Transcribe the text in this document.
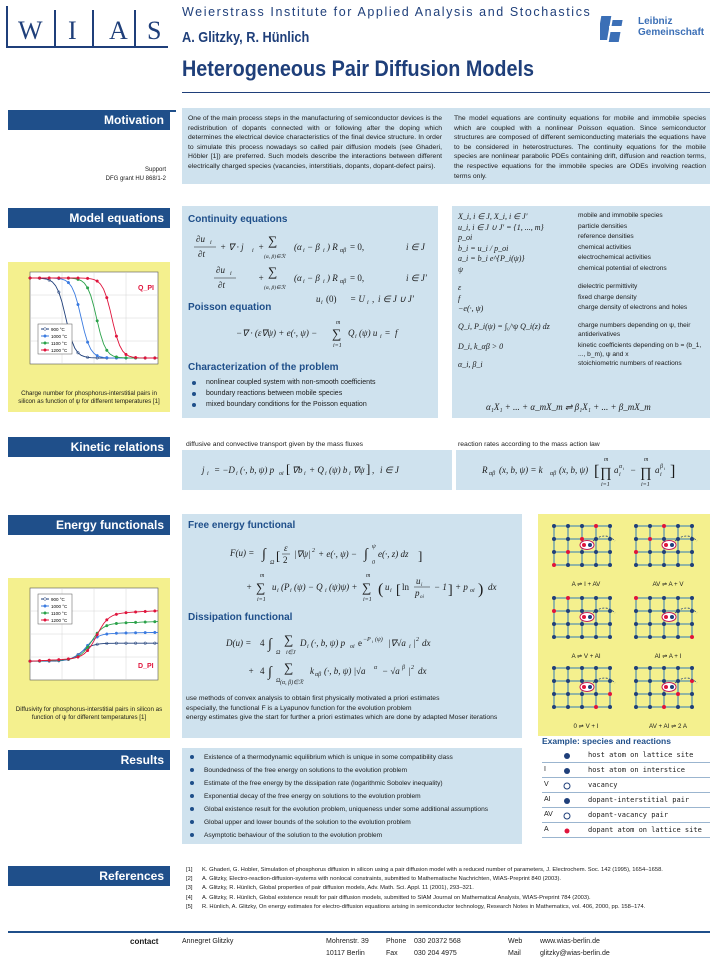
W I A S
Weierstrass Institute for Applied Analysis and Stochastics
A. Glitzky, R. Hünlich
Heterogeneous Pair Diffusion Models
Leibniz
Gemeinschaft
Motivation	One of the main process steps in the manufacturing of semiconductor devices is the redistribution of dopants connected with or following after the doping which determines the electrical device characteristics of the final device structure. In order to simulate this process nowadays so called pair diffusion models (see Ghaderi, Höbler [1]) are preferred. Such models describe the interactions between different electrically charged species (vacancies, interstitials, dopants, dopant-defect pairs).
The model equations are continuity equations for mobile and immobile species which are coupled with a nonlinear Poisson equation. Since semiconductor structures are composed of different semiconducting materials the equations have to be considered in heterostructures. The continuity equations for the mobile species are nonlinear parabolic PDEs containing drift, diffusion and reaction terms, the respective equations for the immobile species are ODEs involving reaction terms only.
Support
DFG grant HU 868/1-2
Model equations	Continuity equations
∂u i
∂t
+ ∇ · j i + ∑
(α, β)∈ℛ
(α i − β i ) R αβ = 0,	i ∈ J
∂u i
∂t
+ ∑
(α, β)∈ℛ
(α i − β i ) R αβ = 0,	i ∈ J′
u i (0) = U i , i ∈ J ∪ J′
Poisson equation
−∇ · (ε∇ψ) + e(·, ψ) −
m
∑
i=1
Q i (ψ) u i = f
Characterization of the problem
nonlinear coupled system with non-smooth coefficients
boundary reactions between mobile species
mixed boundary conditions for the Poisson equation
X_i, i ∈ J, X_i, i ∈ J′	mobile and immobile species
u_i, i ∈ J ∪ J′ = {1, ..., m}	particle densities
p_oi	reference densities
b_i = u_i / p_oi	chemical activities
a_i = b_i e^{P_i(ψ)}	electrochemical activities
ψ	chemical potential of electrons
ε	dielectric permittivity
f	fixed charge density
−e(·, ψ)	charge density of electrons and holes
Q_i, P_i(ψ) = ∫₀^ψ Q_i(z) dz	charge numbers depending on ψ, their antiderivatives
D_i, k_αβ > 0	kinetic coefficients depending on b = (b_1, ..., b_m), ψ and x
α_i, β_i	stoichiometric numbers of reactions
α₁X₁ + ... + α_mX_m ⇌ β₁X₁ + ... + β_mX_m
Q_PI
900 °C
1000 °C
1100 °C
1200 °C
Charge number for phosphorus-interstitial pairs in silicon as function of ψ for different temperatures [1]
Kinetic relations	diffusive and convective transport given by the mass fluxes	reaction rates according to the mass action law
j i = −D i (·, b, ψ) p oi [ ∇b i + Q i (ψ) b i ∇ψ ] , i ∈ J	R αβ (x, b, ψ) = k αβ (x, b, ψ) [
m
∏
i=1
a α i
i −
m
∏
i=1
a β i
i ]
Energy functionals	Free energy functional
F(u) = ∫
Ω [ ε
2
|∇ψ| 2 + e(·, ψ) − ∫
0
ψ
e(·, z) dz ]
+
m
∑
i=1
u i (P i (ψ) − Q i (ψ)ψ) +
m
∑
i=1
( u i [ ln
u i
p oi
− 1 ] + p oi ) dx
Dissipation functional
D(u) = 4 ∫
Ω
∑
i∈J
D i (·, b, ψ) p oi e −P i (ψ) |∇√a i | 2 dx
+ 4 ∫
Ω
∑
(α, β)∈ℛ
k αβ (·, b, ψ) |√a α − √a β | 2 dx
use methods of convex analysis to obtain first physically motivated a priori estimates
especially, the functional F is a Lyapunov function for the evolution problem
energy estimates give the start for further a priori estimates which are done by adapted Moser iterations
D_PI
900 °C
1000 °C
1100 °C
1200 °C
Diffusivity for phosphorus-interstitial pairs in silicon as function of ψ for different temperatures [1]
A ⇌ I + AV	AV ⇌ A + V
A ⇌ V + AI	AI ⇌ A + I
0 ⇌ V + I	AV + AI ⇌ 2 A
Example: species and reactions
host atom on lattice site
I	host atom on interstice
V	vacancy
AI	dopant-interstitial pair
AV	dopant-vacancy pair
A	dopant atom on lattice site
Results	Existence of a thermodynamic equilibrium which is unique in some compatibility class
Boundedness of the free energy on solutions to the evolution problem
Estimate of the free energy by the dissipation rate (logarithmic Sobolev inequality)
Exponential decay of the free energy on solutions to the evolution problem
Global existence result for the evolution problem, uniqueness under some additional assumptions
Global upper and lower bounds of the solution to the evolution problem
Asymptotic behaviour of the solution to the evolution problem
References	[1] K. Ghaderi, G. Hobler, Simulation of phosphorus diffusion in silicon using a pair diffusion model with a reduced number of parameters, J. Electrochem. Soc. 142 (1995), 1654–1658.
[2] A. Glitzky, Electro-reaction-diffusion-systems with nonlocal constraints, submitted to Mathematische Nachrichten, WIAS-Preprint 840 (2003).
[3] A. Glitzky, R. Hünlich, Global properties of pair diffusion models, Adv. Math. Sci. Appl. 11 (2001), 293–321.
[4] A. Glitzky, R. Hünlich, Global existence result for pair diffusion models, submitted to SIAM Journal on Mathematical Analysis, WIAS-Preprint 784 (2003).
[5] R. Hünlich, A. Glitzky, On energy estimates for electro-diffusion equations arising in semiconductor technology, Research Notes in Mathematics, vol. 406, 2000, pp. 158–174.
contact	Annegret Glitzky	Mohrenstr. 39
10117 Berlin
Phone 030 20372 568
Fax 030 204 4975
Web	www.wias-berlin.de
Mail	glitzky@wias-berlin.de
